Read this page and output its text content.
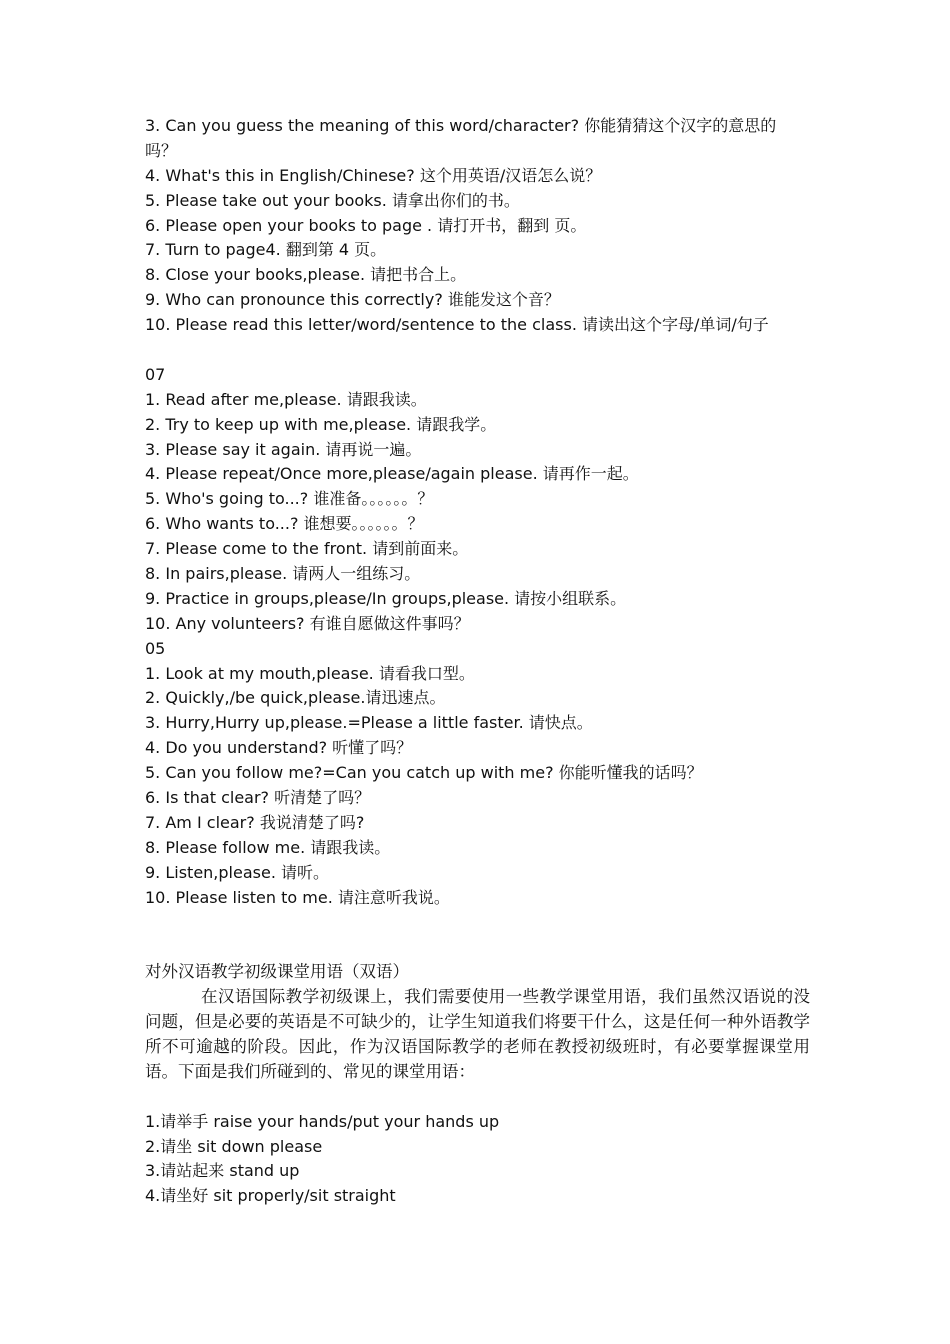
3. Can you guess the meaning of this word/character? 你能猜猜这个汉字的意思的
吗？
4. What's this in English/Chinese? 这个用英语/汉语怎么说？
5. Please take out your books. 请拿出你们的书。
6. Please open your books to page . 请打开书，翻到 页。
7. Turn to page4. 翻到第 4 页。
8. Close your books,please. 请把书合上。
9. Who can pronounce this correctly? 谁能发这个音？
10. Please read this letter/word/sentence to the class. 请读出这个字母/单词/句子
07
1. Read after me,please. 请跟我读。
2. Try to keep up with me,please. 请跟我学。
3. Please say it again. 请再说一遍。
4. Please repeat/Once more,please/again please. 请再作一起。
5. Who's going to...? 谁准备。。。。。。？
6. Who wants to...? 谁想要。。。。。。？
7. Please come to the front. 请到前面来。
8. In pairs,please. 请两人一组练习。
9. Practice in groups,please/In groups,please. 请按小组联系。
10. Any volunteers? 有谁自愿做这件事吗？
05
1. Look at my mouth,please. 请看我口型。
2. Quickly,/be quick,please.请迅速点。
3. Hurry,Hurry up,please.=Please a little faster. 请快点。
4. Do you understand? 听懂了吗？
5. Can you follow me?=Can you catch up with me? 你能听懂我的话吗？
6. Is that clear? 听清楚了吗？
7. Am I clear? 我说清楚了吗?
8. Please follow me. 请跟我读。
9. Listen,please. 请听。
10. Please listen to me. 请注意听我说。
对外汉语教学初级课堂用语（双语）

在汉语国际教学初级课上，我们需要使用一些教学课堂用语，我们虽然汉语说的没问题，但是必要的英语是不可缺少的，让学生知道我们将要干什么，这是任何一种外语教学所不可逾越的阶段。因此，作为汉语国际教学的老师在教授初级班时，有必要掌握课堂用语。下面是我们所碰到的、常见的课堂用语：

1.请举手 raise your hands/put your hands up
2.请坐 sit down please
3.请站起来 stand up
4.请坐好 sit properly/sit straight
